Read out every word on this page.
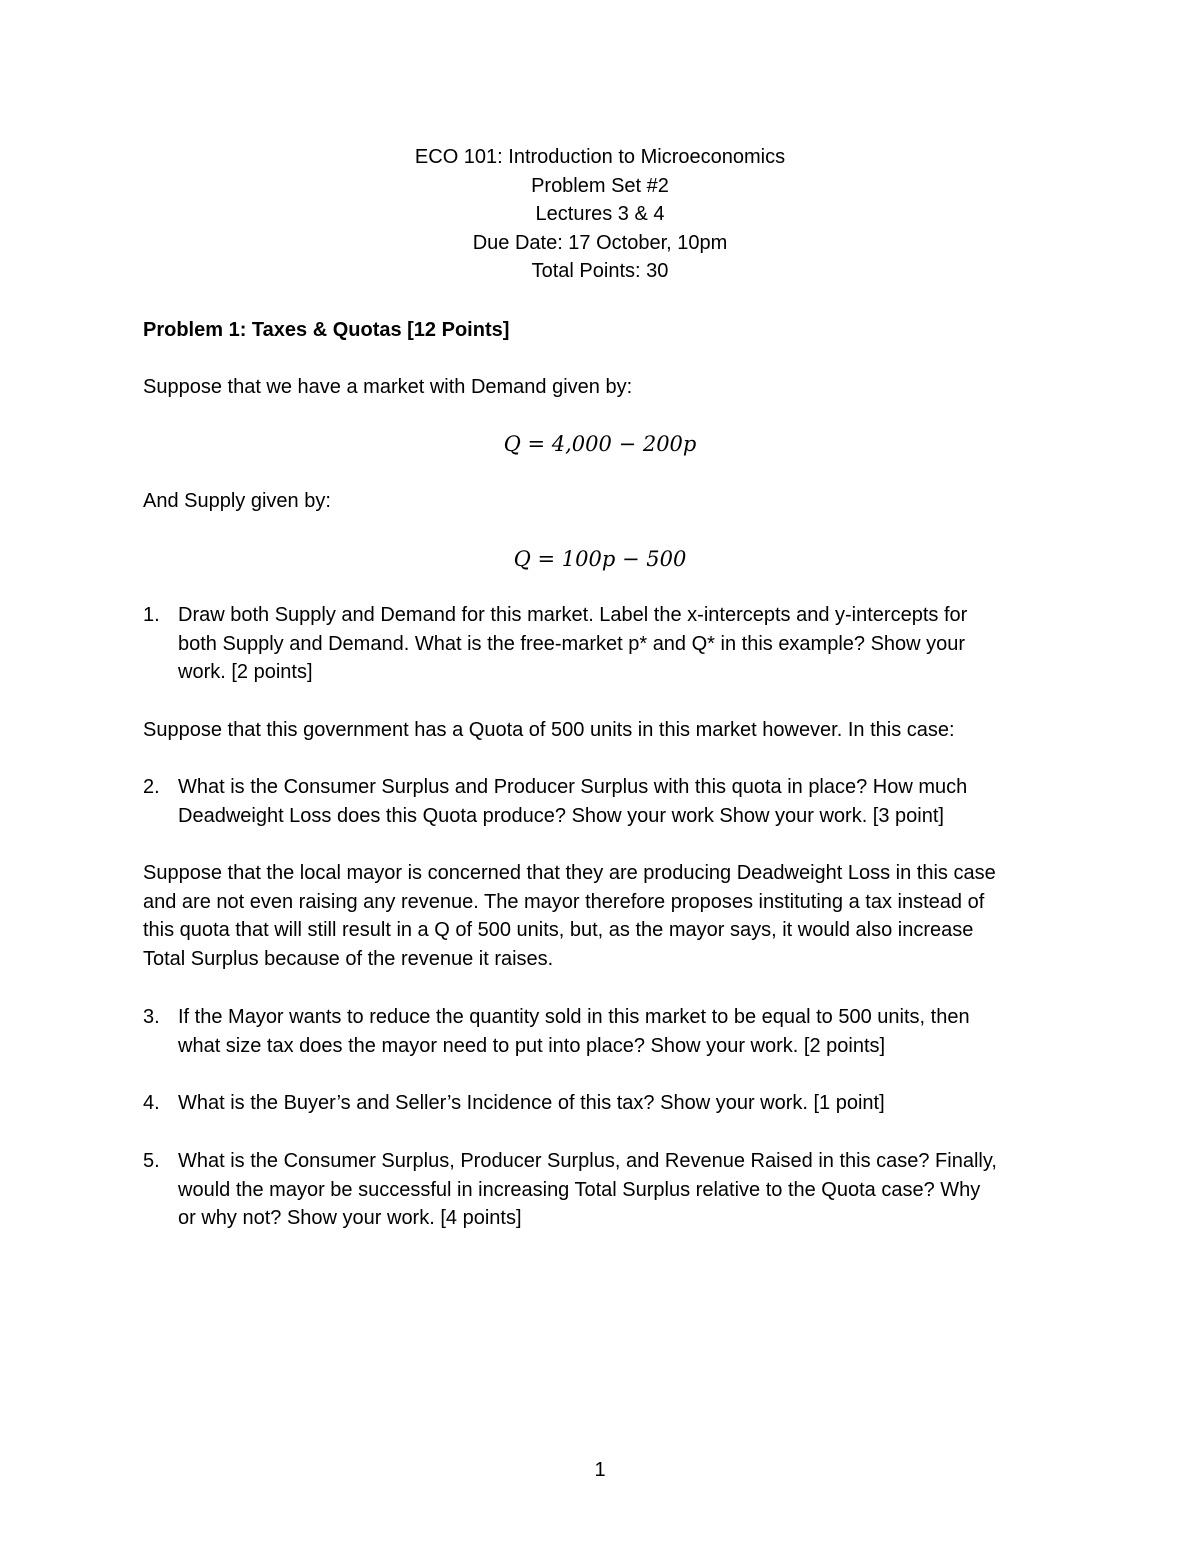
ECO 101: Introduction to Microeconomics
Problem Set #2
Lectures 3 & 4
Due Date: 17 October, 10pm
Total Points: 30
Problem 1: Taxes & Quotas [12 Points]
Suppose that we have a market with Demand given by:
Q = 4,000 − 200p
And Supply given by:
Q = 100p − 500
1. Draw both Supply and Demand for this market. Label the x-intercepts and y-intercepts for
both Supply and Demand. What is the free-market p* and Q* in this example? Show your
work. [2 points]
Suppose that this government has a Quota of 500 units in this market however. In this case:
2. What is the Consumer Surplus and Producer Surplus with this quota in place? How much
Deadweight Loss does this Quota produce? Show your work Show your work. [3 point]
Suppose that the local mayor is concerned that they are producing Deadweight Loss in this case
and are not even raising any revenue. The mayor therefore proposes instituting a tax instead of
this quota that will still result in a Q of 500 units, but, as the mayor says, it would also increase
Total Surplus because of the revenue it raises.
3. If the Mayor wants to reduce the quantity sold in this market to be equal to 500 units, then
what size tax does the mayor need to put into place? Show your work. [2 points]
4. What is the Buyer’s and Seller’s Incidence of this tax? Show your work. [1 point]
5. What is the Consumer Surplus, Producer Surplus, and Revenue Raised in this case? Finally,
would the mayor be successful in increasing Total Surplus relative to the Quota case? Why
or why not? Show your work. [4 points]
1
